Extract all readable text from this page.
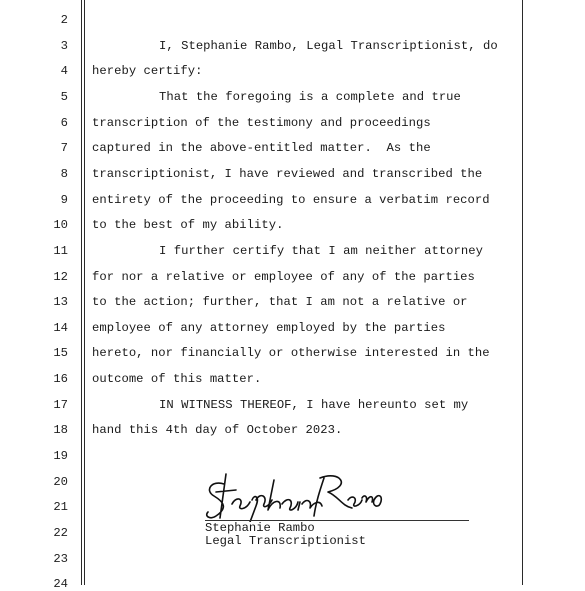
2
3
4
5
6
7
8
9
10
11
12
13
14
15
16
17
18
19
20
21
22
23
24
I, Stephanie Rambo, Legal Transcriptionist, do
hereby certify:
That the foregoing is a complete and true
transcription of the testimony and proceedings
captured in the above-entitled matter.  As the
transcriptionist, I have reviewed and transcribed the
entirety of the proceeding to ensure a verbatim record
to the best of my ability.
I further certify that I am neither attorney
for nor a relative or employee of any of the parties
to the action; further, that I am not a relative or
employee of any attorney employed by the parties
hereto, nor financially or otherwise interested in the
outcome of this matter.
IN WITNESS THEREOF, I have hereunto set my
hand this 4th day of October 2023.
Stephanie Rambo
Legal Transcriptionist
